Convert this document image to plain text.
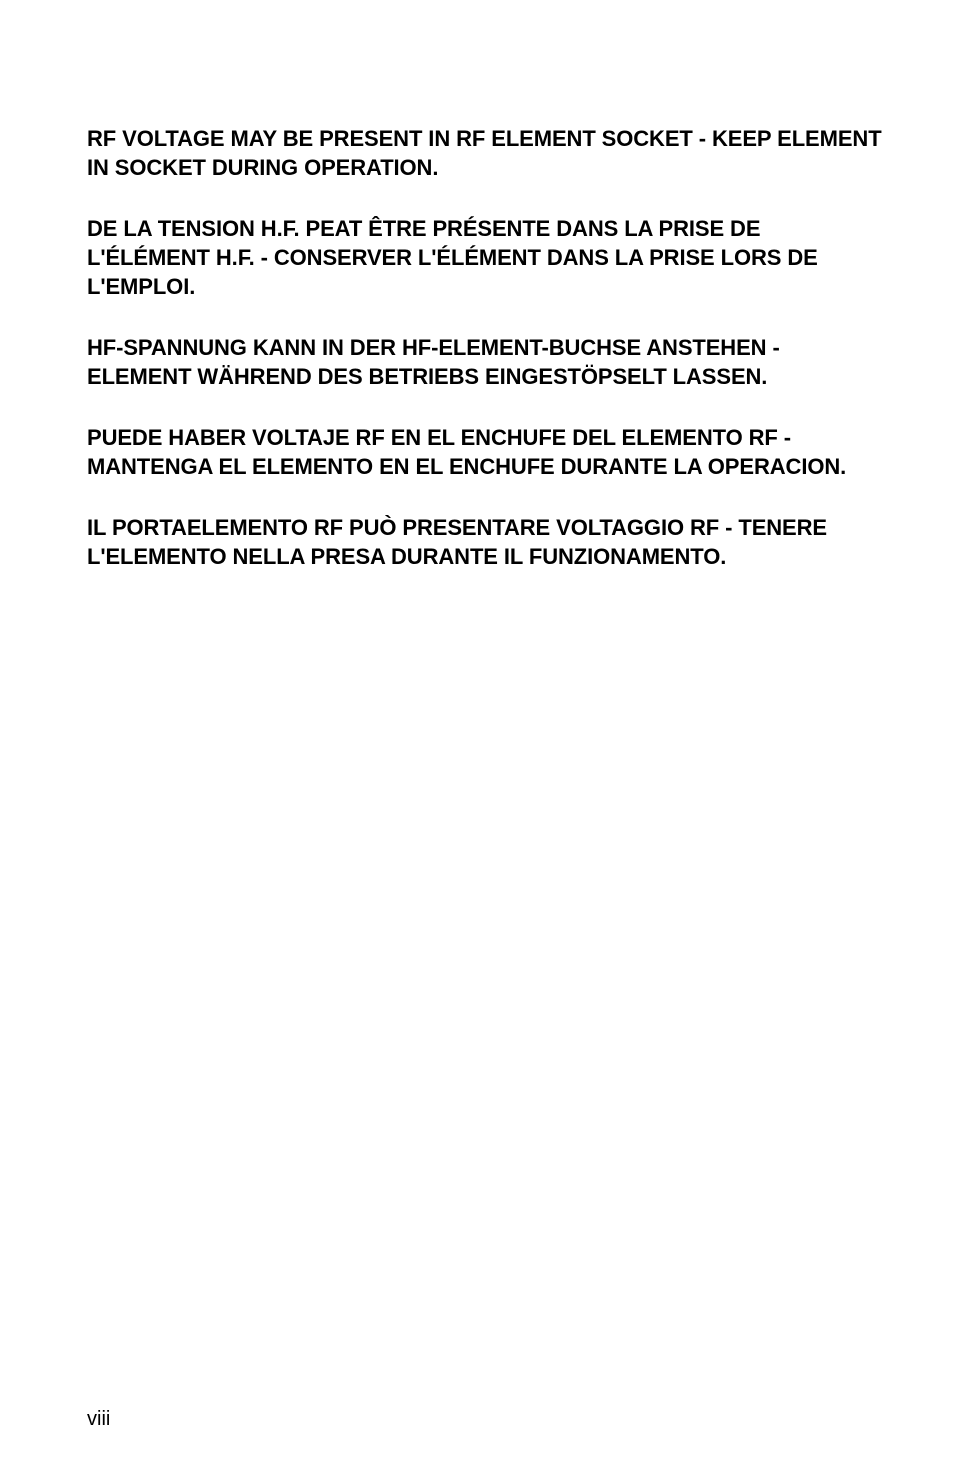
RF VOLTAGE MAY BE PRESENT IN RF ELEMENT SOCKET - KEEP ELEMENT IN SOCKET DURING OPERATION.

DE LA TENSION H.F. PEAT ÊTRE PRÉSENTE DANS LA PRISE DE L'ÉLÉMENT H.F. - CONSERVER L'ÉLÉMENT DANS LA PRISE LORS DE L'EMPLOI.

HF-SPANNUNG KANN IN DER HF-ELEMENT-BUCHSE ANSTEHEN - ELEMENT WÄHREND DES BETRIEBS EINGESTÖPSELT LASSEN.

PUEDE HABER VOLTAJE RF EN EL ENCHUFE DEL ELEMENTO RF - MANTENGA EL ELEMENTO EN EL ENCHUFE DURANTE LA OPERACION.

IL PORTAELEMENTO RF PUÒ PRESENTARE VOLTAGGIO RF - TENERE L'ELEMENTO NELLA PRESA DURANTE IL FUNZIONAMENTO.

viii
